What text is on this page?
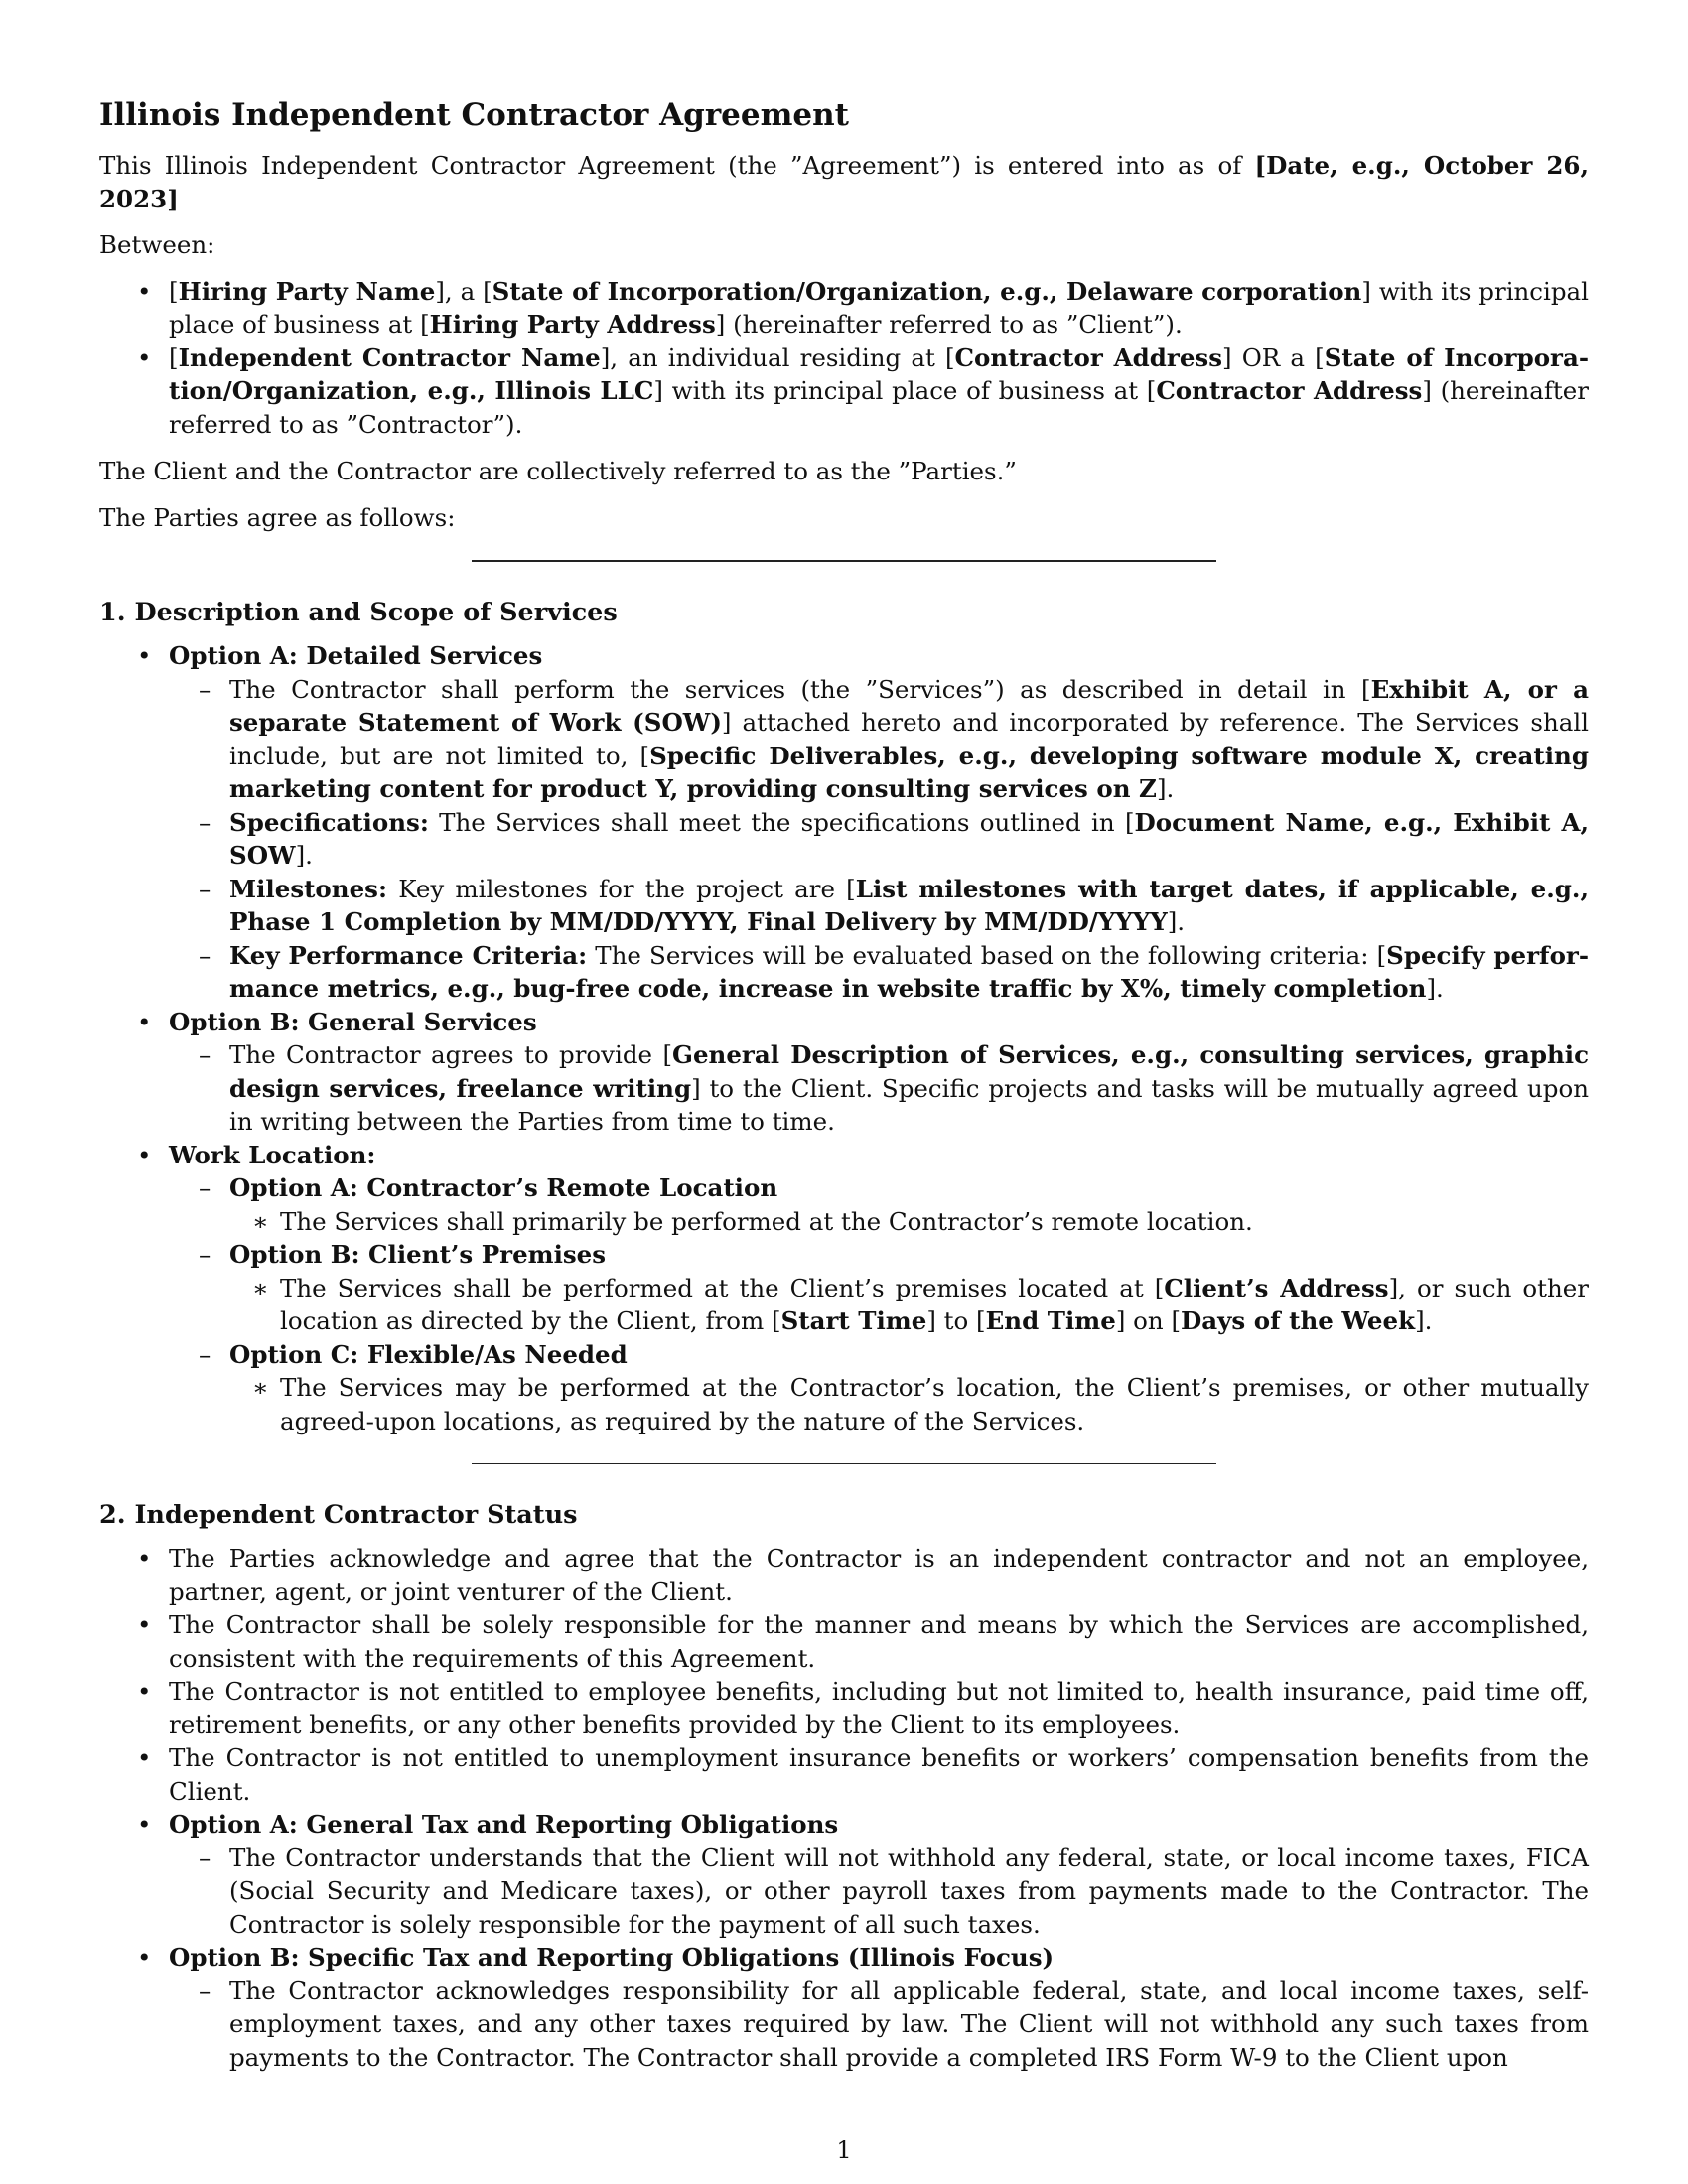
Illinois Independent Contractor Agreement

This Illinois Independent Contractor Agreement (the ”Agreement”) is entered into as of [Date, e.g., October 26, 2023]

Between:

• [Hiring Party Name], a [State of Incorporation/Organization, e.g., Delaware corporation] with its principal place of business at [Hiring Party Address] (hereinafter referred to as ”Client”).
• [Independent Contractor Name], an individual residing at [Contractor Address] OR a [State of Incorporation/Organization, e.g., Illinois LLC] with its principal place of business at [Contractor Address] (hereinafter referred to as ”Contractor”).

The Client and the Contractor are collectively referred to as the ”Parties.”

The Parties agree as follows:

1. Description and Scope of Services
• Option A: Detailed Services
– The Contractor shall perform the services (the ”Services”) as described in detail in [Exhibit A, or a separate Statement of Work (SOW)] attached hereto and incorporated by reference. The Services shall include, but are not limited to, [Specific Deliverables, e.g., developing software module X, creating marketing content for product Y, providing consulting services on Z].
– Specifications: The Services shall meet the specifications outlined in [Document Name, e.g., Exhibit A, SOW].
– Milestones: Key milestones for the project are [List milestones with target dates, if applicable, e.g., Phase 1 Completion by MM/DD/YYYY, Final Delivery by MM/DD/YYYY].
– Key Performance Criteria: The Services will be evaluated based on the following criteria: [Specify performance metrics, e.g., bug-free code, increase in website traffic by X%, timely completion].
• Option B: General Services
– The Contractor agrees to provide [General Description of Services, e.g., consulting services, graphic design services, freelance writing] to the Client. Specific projects and tasks will be mutually agreed upon in writing between the Parties from time to time.
• Work Location:
– Option A: Contractor’s Remote Location
∗ The Services shall primarily be performed at the Contractor’s remote location.
– Option B: Client’s Premises
∗ The Services shall be performed at the Client’s premises located at [Client’s Address], or such other location as directed by the Client, from [Start Time] to [End Time] on [Days of the Week].
– Option C: Flexible/As Needed
∗ The Services may be performed at the Contractor’s location, the Client’s premises, or other mutually agreed-upon locations, as required by the nature of the Services.
2. Independent Contractor Status
• The Parties acknowledge and agree that the Contractor is an independent contractor and not an employee, partner, agent, or joint venturer of the Client.
• The Contractor shall be solely responsible for the manner and means by which the Services are accomplished, consistent with the requirements of this Agreement.
• The Contractor is not entitled to employee benefits, including but not limited to, health insurance, paid time off, retirement benefits, or any other benefits provided by the Client to its employees.
• The Contractor is not entitled to unemployment insurance benefits or workers’ compensation benefits from the Client.
• Option A: General Tax and Reporting Obligations
– The Contractor understands that the Client will not withhold any federal, state, or local income taxes, FICA (Social Security and Medicare taxes), or other payroll taxes from payments made to the Contractor. The Contractor is solely responsible for the payment of all such taxes.
• Option B: Specific Tax and Reporting Obligations (Illinois Focus)
– The Contractor acknowledges responsibility for all applicable federal, state, and local income taxes, self-employment taxes, and any other taxes required by law. The Client will not withhold any such taxes from payments to the Contractor. The Contractor shall provide a completed IRS Form W-9 to the Client upon
1
